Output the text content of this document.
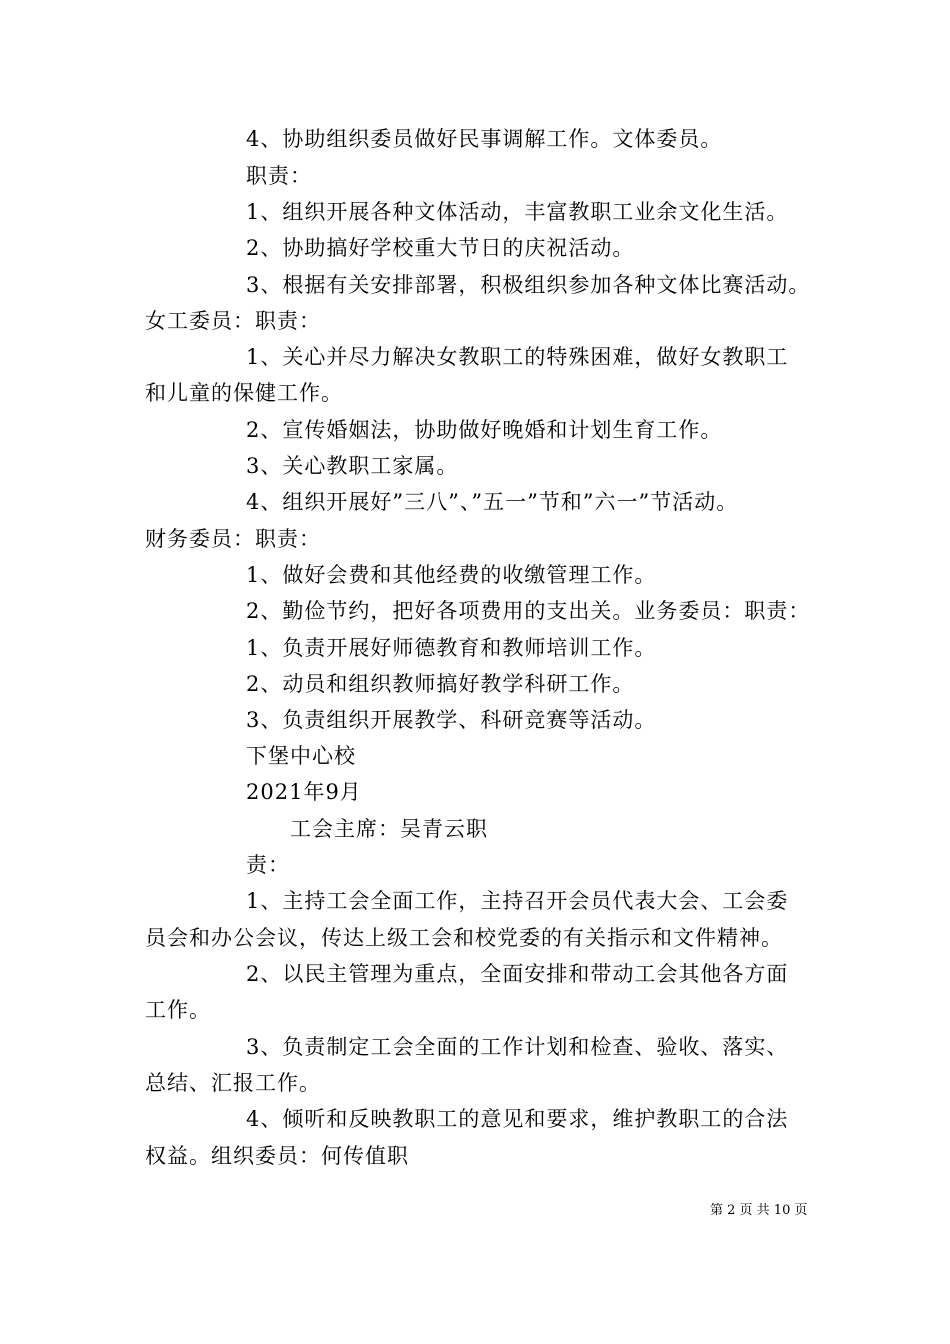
4、协助组织委员做好民事调解工作。文体委员。
职责：
1、组织开展各种文体活动，丰富教职工业余文化生活。
2、协助搞好学校重大节日的庆祝活动。
3、根据有关安排部署，积极组织参加各种文体比赛活动。
女工委员：职责：
1、关心并尽力解决女教职工的特殊困难，做好女教职工
和儿童的保健工作。
2、宣传婚姻法，协助做好晚婚和计划生育工作。
3、关心教职工家属。
4、组织开展好”三八”、”五一”节和”六一”节活动。
财务委员：职责：
1、做好会费和其他经费的收缴管理工作。
2、勤俭节约，把好各项费用的支出关。业务委员：职责：
1、负责开展好师德教育和教师培训工作。
2、动员和组织教师搞好教学科研工作。
3、负责组织开展教学、科研竞赛等活动。
下堡中心校
2021年9月
工会主席：吴青云职
责：
1、主持工会全面工作，主持召开会员代表大会、工会委
员会和办公会议，传达上级工会和校党委的有关指示和文件精神。
2、以民主管理为重点，全面安排和带动工会其他各方面
工作。
3、负责制定工会全面的工作计划和检查、验收、落实、
总结、汇报工作。
4、倾听和反映教职工的意见和要求，维护教职工的合法
权益。组织委员：何传值职
第 2 页 共 10 页
